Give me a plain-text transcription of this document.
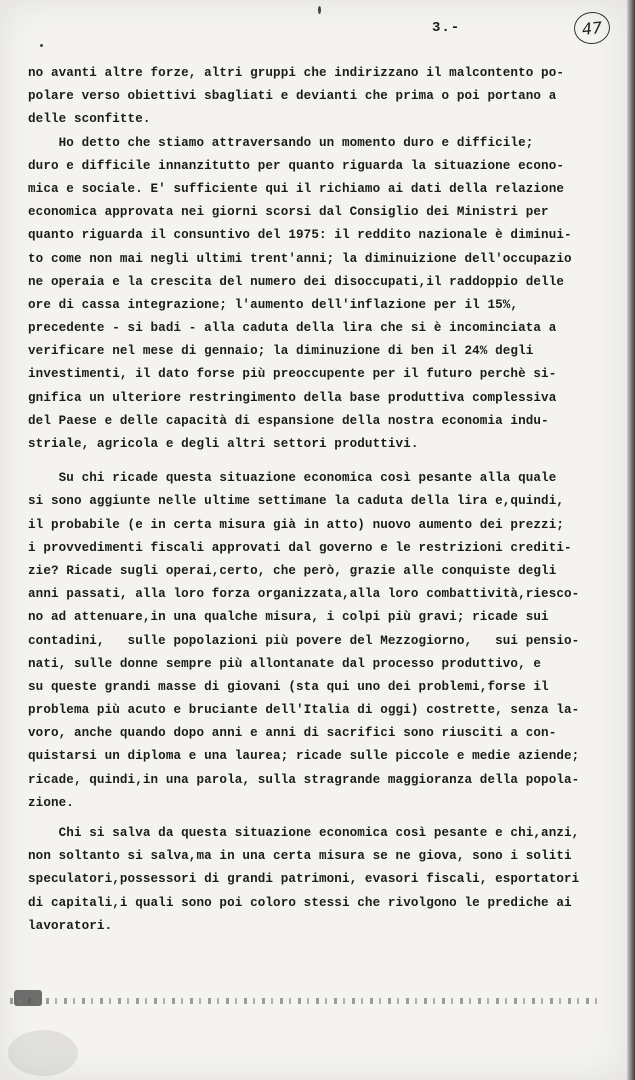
3.-	47
no avanti altre forze, altri gruppi che indirizzano il malcontento po-
polare verso obiettivi sbagliati e devianti che prima o poi portano a
delle sconfitte.
Ho detto che stiamo attraversando un momento duro e difficile;
duro e difficile innanzitutto per quanto riguarda la situazione econo-
mica e sociale. E' sufficiente qui il richiamo ai dati della relazione
economica approvata nei giorni scorsi dal Consiglio dei Ministri per
quanto riguarda il consuntivo del 1975: il reddito nazionale è diminui-
to come non mai negli ultimi trent'anni; la diminuizione dell'occupazio
ne operaia e la crescita del numero dei disoccupati,il raddoppio delle
ore di cassa integrazione; l'aumento dell'inflazione per il 15%,
precedente - si badi - alla caduta della lira che si è incominciata a
verificare nel mese di gennaio; la diminuzione di ben il 24% degli
investimenti, il dato forse più preoccupente per il futuro perchè si-
gnifica un ulteriore restringimento della base produttiva complessiva
del Paese e delle capacità di espansione della nostra economia indu-
striale, agricola e degli altri settori produttivi.
Su chi ricade questa situazione economica così pesante alla quale
si sono aggiunte nelle ultime settimane la caduta della lira e,quindi,
il probabile (e in certa misura già in atto) nuovo aumento dei prezzi;
i provvedimenti fiscali approvati dal governo e le restrizioni crediti-
zie? Ricade sugli operai,certo, che però, grazie alle conquiste degli
anni passati, alla loro forza organizzata,alla loro combattività,riesco-
no ad attenuare,in una qualche misura, i colpi più gravi; ricade sui
contadini,   sulle popolazioni più povere del Mezzogiorno,   sui pensio-
nati, sulle donne sempre più allontanate dal processo produttivo, e
su queste grandi masse di giovani (sta qui uno dei problemi,forse il
problema più acuto e bruciante dell'Italia di oggi) costrette, senza la-
voro, anche quando dopo anni e anni di sacrifici sono riusciti a con-
quistarsi un diploma e una laurea; ricade sulle piccole e medie aziende;
ricade, quindi,in una parola, sulla stragrande maggioranza della popola-
zione.
Chi si salva da questa situazione economica così pesante e chi,anzi,
non soltanto si salva,ma in una certa misura se ne giova, sono i soliti
speculatori,possessori di grandi patrimoni, evasori fiscali, esportatori
di capitali,i quali sono poi coloro stessi che rivolgono le prediche ai
lavoratori.
